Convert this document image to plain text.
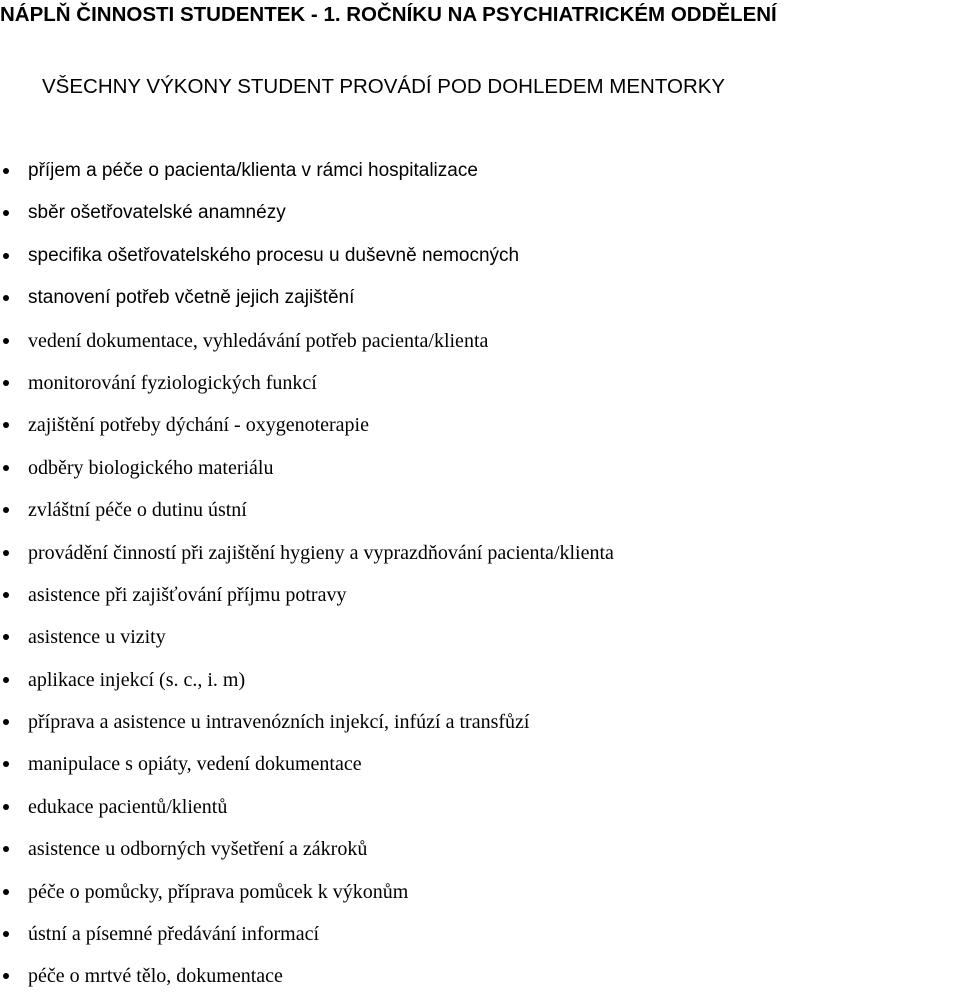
NÁPLŇ ČINNOSTI STUDENTEK - 1. ROČNÍKU NA PSYCHIATRICKÉM ODDĚLENÍ
VŠECHNY VÝKONY STUDENT PROVÁDÍ POD DOHLEDEM MENTORKY
příjem a péče o pacienta/klienta v rámci hospitalizace
sběr ošetřovatelské anamnézy
specifika ošetřovatelského procesu u duševně nemocných
stanovení potřeb včetně jejich zajištění
vedení dokumentace, vyhledávání potřeb pacienta/klienta
monitorování fyziologických funkcí
zajištění potřeby dýchání - oxygenoterapie
odběry biologického materiálu
zvláštní péče o dutinu ústní
provádění činností při zajištění hygieny a vyprazdňování pacienta/klienta
asistence při zajišťování příjmu potravy
asistence u vizity
aplikace injekcí (s. c., i. m)
příprava a asistence u intravenózních injekcí, infúzí a transfůzí
manipulace s opiáty, vedení dokumentace
edukace pacientů/klientů
asistence u odborných vyšetření a zákroků
péče o pomůcky, příprava pomůcek k výkonům
ústní a písemné předávání informací
péče o mrtvé tělo, dokumentace
